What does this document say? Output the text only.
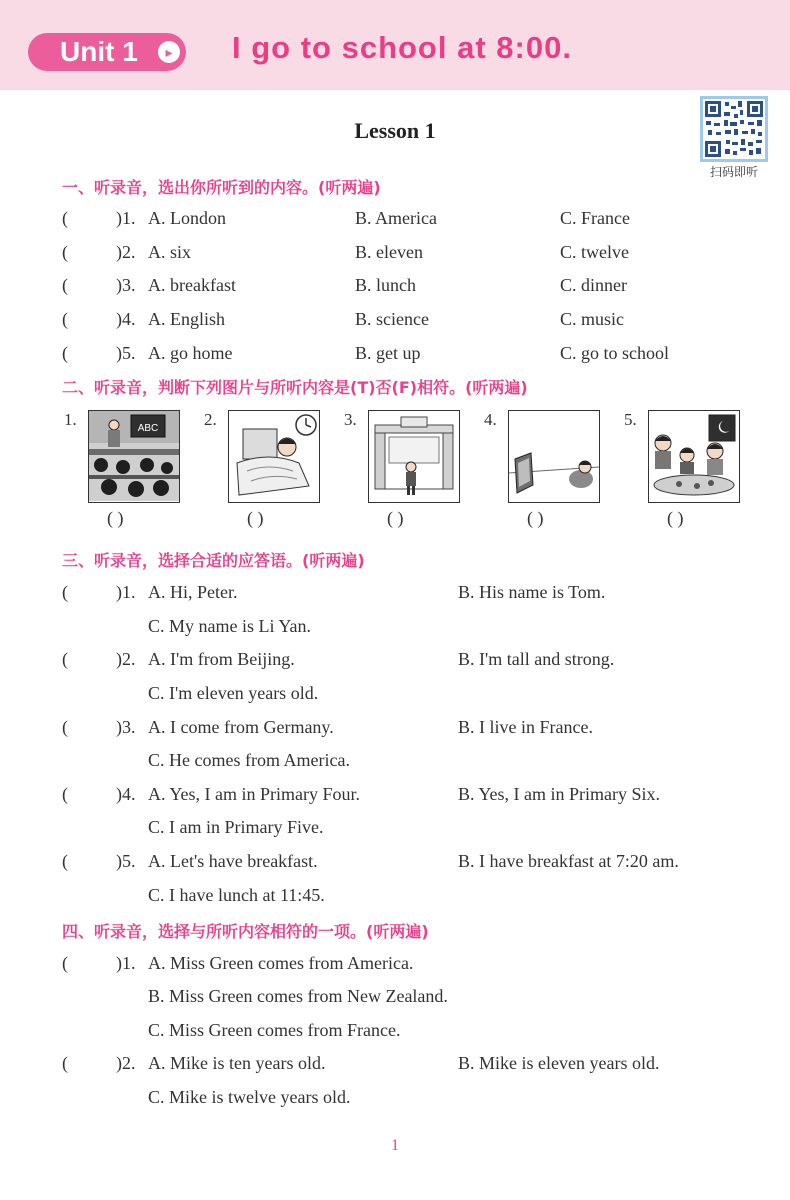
Unit 1	▸ I go to school at 8:00.
Lesson 1
扫码即听
一、听录音，选出你所听到的内容。(听两遍)
(	)1. A. London	B. America	C. France
(	)2. A. six	B. eleven	C. twelve
(	)3. A. breakfast	B. lunch	C. dinner
(	)4. A. English	B. science	C. music
(	)5. A. go home	B. get up	C. go to school
二、听录音，判断下列图片与所听内容是(T)否(F)相符。(听两遍)
1.	ABC
( )
2.
( )
3.
( )
4.
( )
5.
( )
三、听录音，选择合适的应答语。(听两遍)
(	)1. A. Hi, Peter.	B. His name is Tom.
C. My name is Li Yan.
(	)2. A. I'm from Beijing.	B. I'm tall and strong.
C. I'm eleven years old.
(	)3. A. I come from Germany.	B. I live in France.
C. He comes from America.
(	)4. A. Yes, I am in Primary Four.	B. Yes, I am in Primary Six.
C. I am in Primary Five.
(	)5. A. Let's have breakfast.	B. I have breakfast at 7:20 am.
C. I have lunch at 11:45.
四、听录音，选择与所听内容相符的一项。(听两遍)
(	)1. A. Miss Green comes from America.
B. Miss Green comes from New Zealand.
C. Miss Green comes from France.
(	)2. A. Mike is ten years old.	B. Mike is eleven years old.
C. Mike is twelve years old.
1
